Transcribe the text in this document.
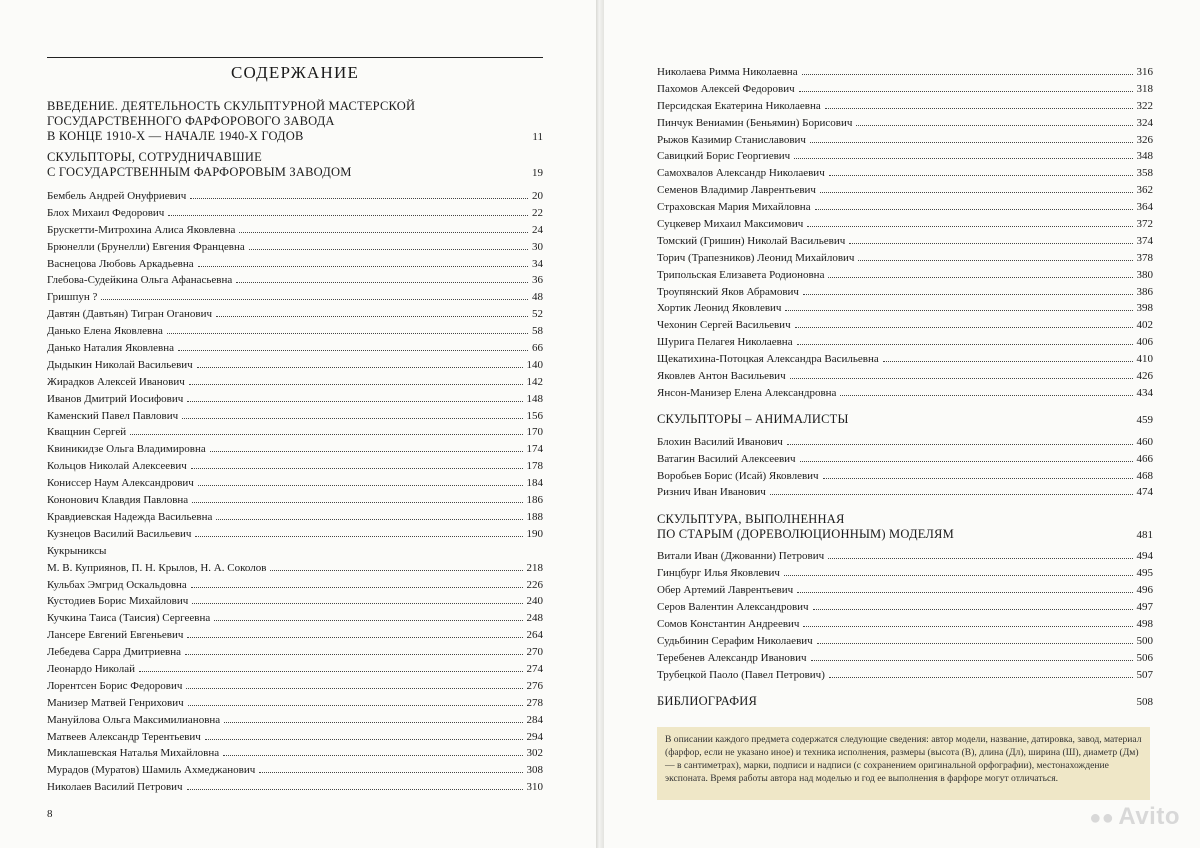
СОДЕРЖАНИЕ
ВВЕДЕНИЕ. ДЕЯТЕЛЬНОСТЬ СКУЛЬПТУРНОЙ МАСТЕРСКОЙ
ГОСУДАРСТВЕННОГО ФАРФОРОВОГО ЗАВОДА
В КОНЦЕ 1910-Х — НАЧАЛЕ 1940-Х ГОДОВ	11
СКУЛЬПТОРЫ, СОТРУДНИЧАВШИЕ
С ГОСУДАРСТВЕННЫМ ФАРФОРОВЫМ ЗАВОДОМ	19
Бембель Андрей Онуфриевич	20
Блох Михаил Федорович	22
Брускетти-Митрохина Алиса Яковлевна	24
Брюнелли (Брунелли) Евгения Францевна	30
Васнецова Любовь Аркадьевна	34
Глебова-Судейкина Ольга Афанасьевна	36
Гришпун ?	48
Давтян (Давтьян) Тигран Оганович	52
Данько Елена Яковлевна	58
Данько Наталия Яковлевна	66
Дыдыкин Николай Васильевич	140
Жирадков Алексей Иванович	142
Иванов Дмитрий Иосифович	148
Каменский Павел Павлович	156
Кващнин Сергей	170
Квиникидзе Ольга Владимировна	174
Кольцов Николай Алексеевич	178
Кониссер Наум Александрович	184
Кононович Клавдия Павловна	186
Кравдиевская Надежда Васильевна	188
Кузнецов Василий Васильевич	190
Кукрыниксы
М. В. Куприянов, П. Н. Крылов, Н. А. Соколов	218
Кульбах Эмгрид Оскальдовна	226
Кустодиев Борис Михайлович	240
Кучкина Таиса (Таисия) Сергеевна	248
Лансере Евгений Евгеньевич	264
Лебедева Сарра Дмитриевна	270
Леонардо Николай	274
Лорентсен Борис Федорович	276
Манизер Матвей Генрихович	278
Мануйлова Ольга Максимилиановна	284
Матвеев Александр Терентьевич	294
Миклашевская Наталья Михайловна	302
Мурадов (Муратов) Шамиль Ахмеджанович	308
Николаев Василий Петрович	310
8
Николаева Римма Николаевна	316
Пахомов Алексей Федорович	318
Персидская Екатерина Николаевна	322
Пинчук Вениамин (Беньямин) Борисович	324
Рыжов Казимир Станиславович	326
Савицкий Борис Георгиевич	348
Самохвалов Александр Николаевич	358
Семенов Владимир Лаврентьевич	362
Страховская Мария Михайловна	364
Суцкевер Михаил Максимович	372
Томский (Гришин) Николай Васильевич	374
Торич (Трапезников) Леонид Михайлович	378
Трипольская Елизавета Родионовна	380
Троупянский Яков Абрамович	386
Хортик Леонид Яковлевич	398
Чехонин Сергей Васильевич	402
Шурига Пелагея Николаевна	406
Щекатихина-Потоцкая Александра Васильевна	410
Яковлев Антон Васильевич	426
Янсон-Манизер Елена Александровна	434
СКУЛЬПТОРЫ – АНИМАЛИСТЫ	459
Блохин Василий Иванович	460
Ватагин Василий Алексеевич	466
Воробьев Борис (Исай) Яковлевич	468
Ризнич Иван Иванович	474
СКУЛЬПТУРА, ВЫПОЛНЕННАЯ
ПО СТАРЫМ (ДОРЕВОЛЮЦИОННЫМ) МОДЕЛЯМ	481
Витали Иван (Джованни) Петрович	494
Гинцбург Илья Яковлевич	495
Обер Артемий Лаврентьевич	496
Серов Валентин Александрович	497
Сомов Константин Андреевич	498
Судьбинин Серафим Николаевич	500
Теребенев Александр Иванович	506
Трубецкой Паоло (Павел Петрович)	507
БИБЛИОГРАФИЯ	508
В описании каждого предмета содержатся следующие сведения: автор модели, название, датировка, завод, материал (фарфор, если не указано иное) и техника исполнения, размеры (высота (В), длина (Дл), ширина (Ш), диаметр (Дм) — в сантиметрах), марки, подписи и надписи (с сохранением оригинальной орфографии), местонахождение экспоната. Время работы автора над моделью и год ее выполнения в фарфоре могут отличаться.
●● Avito
